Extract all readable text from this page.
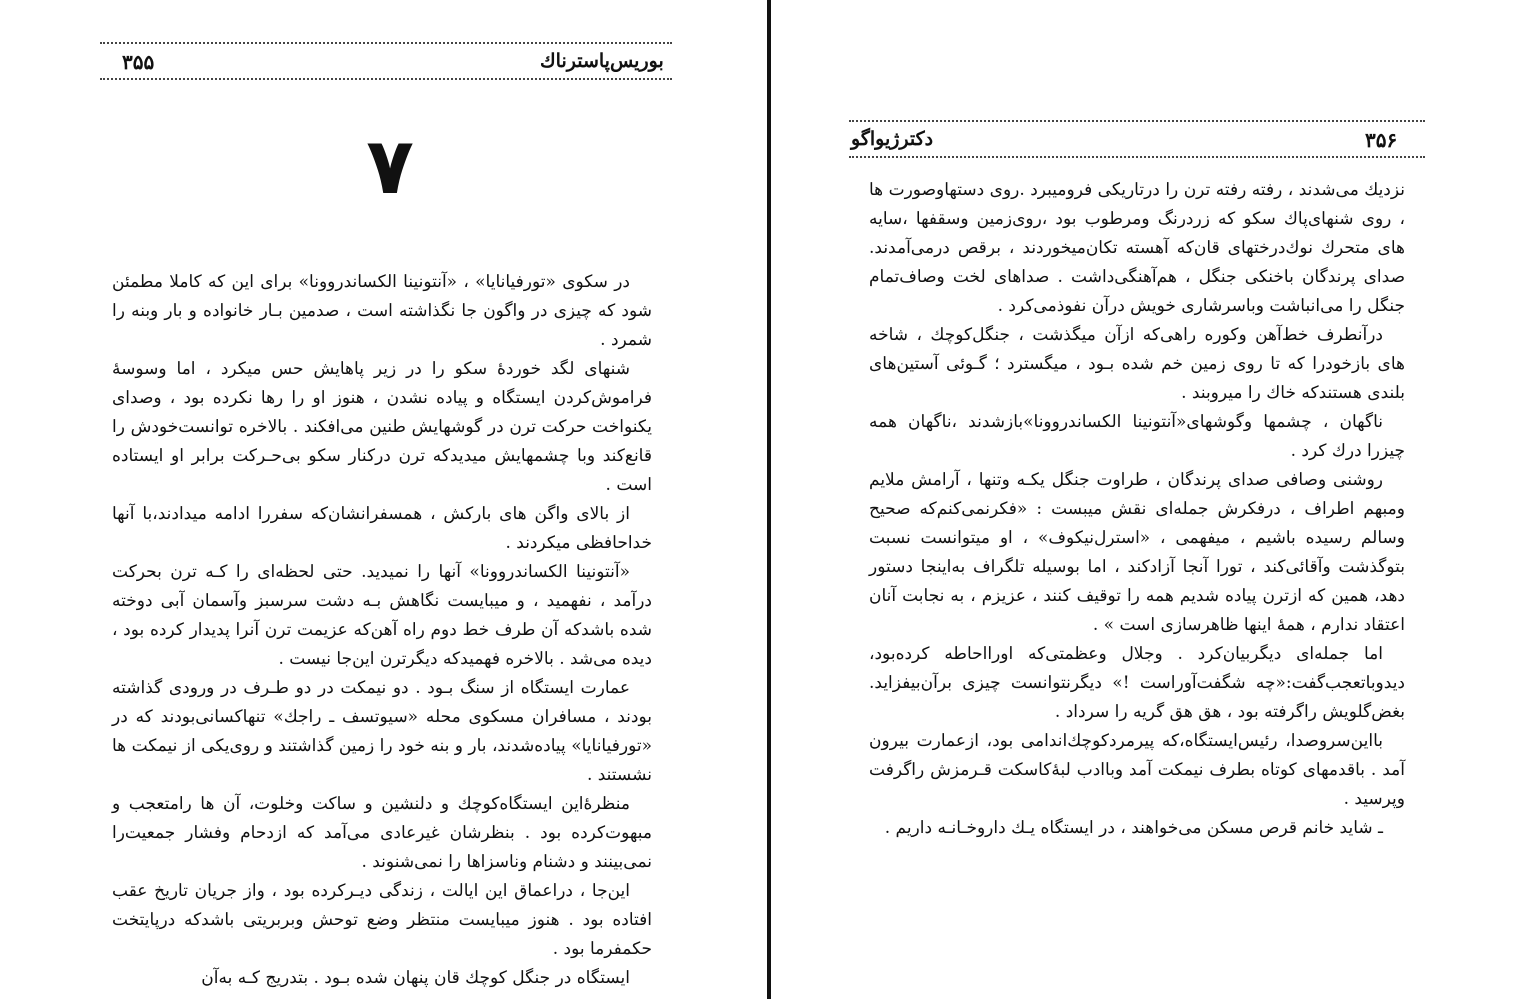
بوریس‌پاسترناك
۳۵۵
۷

در سکوی «تورفیانایا» ، «آنتونینا الکساندروونا» برای این که کاملا مطمئن شود که چیزی در واگون جا نگذاشته است ، صدمین بـار خانواده و بار وبنه را شمرد .

شنهای لگد خوردهٔ سکو را در زیر پاهایش حس میکرد ، اما وسوسهٔ فراموش‌کردن ایستگاه و پیاده نشدن ، هنوز او را رها نکرده بود ، وصدای یکنواخت حرکت ترن در گوشهایش طنین می‌افکند . بالاخره توانست‌خودش را قانع‌کند وبا چشمهایش میدید‌که ترن درکنار سکو بی‌حـرکت برابر او ایستاده است .

از بالای واگن های بارکش ، همسفرانشان‌که سفررا ادامه میدادند،با آنها خداحافظی میکردند .

«آنتونینا الکساندروونا» آنها را نمیدید. حتی لحظه‌ای را کـه ترن بحرکت درآمد ، نفهمید ، و میبایست نگاهش بـه دشت سرسبز وآسمان آبی دوخته شده باشد‌که آن طرف خط دوم راه آهن‌که عزیمت ترن آنرا پدیدار کرده بود ، دیده می‌شد . بالاخره فهمیدکه دیگرترن این‌جا نیست .

عمارت ایستگاه از سنگ بـود . دو نیمکت در دو طـرف در ورودی گذاشته بودند ، مسافران مسکوی محله «سیوتسف ـ راجك» تنهاکسانی‌بودند که در «تورفیانایا» پیاده‌شدند، بار و بنه خود را زمین گذاشتند و روی‌یکی از نیمکت ها نشستند .

منظرهٔ‌این ایستگاه‌کوچك و دلنشین و ساکت وخلوت، آن ها رامتعجب و مبهوت‌کرده بود . بنظرشان غیرعادی می‌آمد که ازدحام وفشار جمعیت‌را نمی‌بینند و دشنام وناسزاها را نمی‌شنوند .

این‌جا ، درا‌عماق این ایالت ، زندگی دیـرکرده بود ، واز جریان تاریخ عقب افتاده بود . هنوز میبایست منتظر وضع توحش وبربریتی باشد‌که درپایتخت حکمفرما بود .

ایستگاه در جنگل کوچك قان پنهان شده بـود . بتدریج کـه به‌آن

دکترژیواگو	۳۵۶

نزدیك می‌شدند ، رفته رفته ترن را درتاریکی فرومیبرد .روی دستهاوصورت ها ، روی شنهای‌پاك سکو که زرد‌رنگ ومرطوب بود ،روی‌زمین وسقفها ،سایه های متحرك نوك‌درختهای قان‌که آهسته تکان‌میخوردند ، برقص درمی‌آمدند. صدای پرندگان باخنکی جنگل ، هم‌آهنگی‌داشت . صداهای لخت وصاف‌تمام جنگل را می‌انباشت وباسرشاری خویش درآن نفوذمی‌کرد .

درآنطرف خط‌آهن وکوره راهی‌که ازآن میگذشت ، جنگل‌کوچك ، شاخه های بازخودرا که تا روی زمین خم شده بـود ، میگسترد ؛ گـوئی آستین‌های بلندی هستندکه خاك را میروبند .

ناگهان ، چشمها وگوشهای«آنتونینا الکساندروونا»بازشدند ،ناگهان همه چیزرا درك کرد .

روشنی وصافی صدای پرندگان ، طراوت جنگل یکـه وتنها ، آرامش ملایم ومبهم اطراف ، درفکرش جمله‌ای نقش میبست : «فکرنمی‌کنم‌که صحیح وسالم رسیده باشیم ، میفهمی ، «استرل‌نیکوف» ، او میتوانست نسبت بتوگذشت وآقائی‌کند ، تورا آنجا آزادکند ، اما بوسیله تلگراف به‌اینجا دستور دهد، همین که ازترن پیاده شدیم همه را توقیف کنند ، عزیزم ، به نجابت آنان اعتقاد ندارم ، همهٔ اینها ظاهرسازی است » .

اما جمله‌ای دیگربیان‌کرد . وجلال وعظمتی‌که اوراا‌حاطه کرده‌بود، دیدوباتعجب‌گفت:«چه شگفت‌آوراست !» دیگرنتوانست چیزی بر‌آن‌بیفزاید. بغض‌گلویش راگرفته بود ، هق هق گریه را سرداد .

بااین‌سروصدا، رئیس‌ایستگاه،که پیرمردکوچك‌اندامی بود، ازعمارت بیرون آمد . باقدمهای کوتاه بطرف نیمکت آمد وباادب لبهٔ‌کاسکت قـرمزش راگرفت وپرسید .

ـ شاید خانم قرص مسکن می‌خواهند ، در ایستگاه یـك داروخـانـه داریم .
